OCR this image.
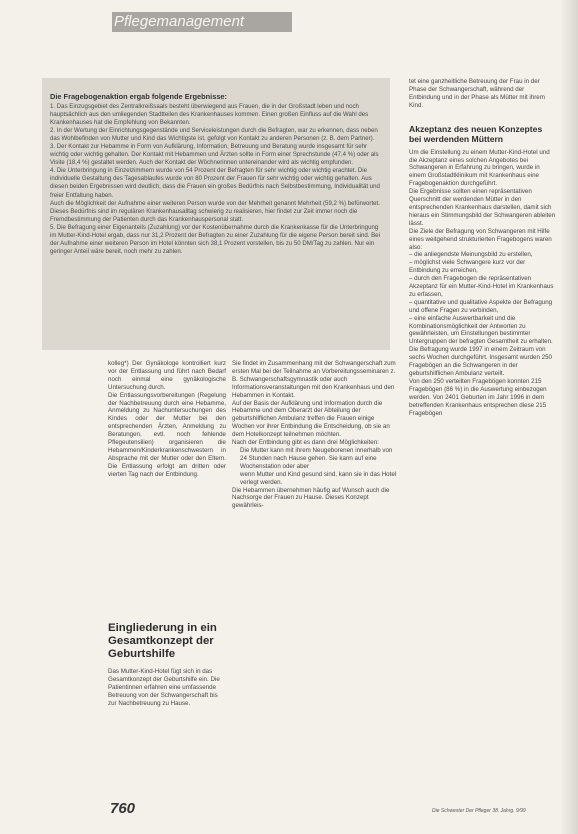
Pflegemanagement
Die Fragebogenaktion ergab folgende Ergebnisse:

1. Das Einzugsgebiet des Zentralkreißsaals besteht überwiegend aus Frauen, die in der Großstadt leben und noch hauptsächlich aus den umliegenden Stadtteilen des Krankenhauses kommen. Einen großen Einfluss auf die Wahl des Krankenhauses hat die Empfehlung von Bekannten.

2. In der Wertung der Einrichtungsgegenstände und Serviceleistungen durch die Befragten, war zu erkennen, dass neben das Wohlbefinden von Mutter und Kind das Wichtigste ist, gefolgt von Kontakt zu anderen Personen (z. B. dem Partner).

3. Der Kontakt zur Hebamme in Form von Aufklärung, Information, Betreuung und Beratung wurde insgesamt für sehr wichtig oder wichtig gehalten. Der Kontakt mit Hebammen und Ärzten sollte in Form einer Sprechstunde (47,4 %) oder als Visite (18,4 %) gestaltet werden. Auch der Kontakt der Wöchnerinnen untereinander wird als wichtig empfunden.

4. Die Unterbringung in Einzelzimmern wurde von 54 Prozent der Befragten für sehr wichtig oder wichtig erachtet. Die individuelle Gestaltung des Tagesablaufes wurde von 80 Prozent der Frauen für sehr wichtig oder wichtig gehalten. Aus diesen beiden Ergebnissen wird deutlich, dass die Frauen ein großes Bedürfnis nach Selbstbestimmung, Individualität und freier Entfaltung haben.

Auch die Möglichkeit der Aufnahme einer weiteren Person wurde von der Mehrheit genannt Mehrheit (59,2 %) befürwortet.

Dieses Bedürfnis sind im regulären Krankenhausalltag schwierig zu realisieren, hier findet zur Zeit immer noch die Fremdbestimmung der Patienten durch das Krankenhauspersonal statt.

5. Die Befragung einer Eigenanteils (Zuzahlung) vor der Kostenübernahme durch die Krankenkasse für die Unterbringung im Mutter-Kind-Hotel ergab, dass nur 31,2 Prozent der Befragten zu einer Zuzahlung für die eigene Person bereit sind. Bei der Aufnahme einer weiteren Person im Hotel könnten sich 38,1 Prozent vorstellen, bis zu 50 DM/Tag zu zahlen. Nur ein geringer Anteil wäre bereit, noch mehr zu zahlen.

kolleg*) Der Gynäkologe kontrolliert kurz vor der Entlassung und führt nach Bedarf noch einmal eine gynäkologische Untersuchung durch.

Die Entlassungsvorbereitungen (Regelung der Nachbetreuung durch eine Hebamme, Anmeldung zu Nachuntersuchungen des Kindes oder der Mutter bei den entsprechenden Ärzten, Anmeldung zu Beratungen, evtl. noch fehlende Pflegeutensilien) organisieren die Hebammen/Kinderkrankenschwestern in Absprache mit der Mutter oder den Eltern. Die Entlassung erfolgt am dritten oder vierten Tag nach der Entbindung.

Eingliederung in ein Gesamtkonzept der Geburtshilfe

Das Mutter-Kind-Hotel fügt sich in das Gesamtkonzept der Geburtshilfe ein. Die Patientinnen erfahren eine umfassende Betreuung von der Schwangerschaft bis zur Nachbetreuung zu Hause.

Sie findet im Zusammenhang mit der Schwangerschaft zum ersten Mal bei der Teilnahme an Vorbereitungsseminaren z. B. Schwangerschaftsgymnastik oder auch Informationsveranstaltungen mit den Krankenhaus und den Hebammen in Kontakt.

Auf der Basis der Aufklärung und Information durch die Hebamme und dem Oberarzt der Abteilung der geburtshilflichen Ambulanz treffen die Frauen einige Wochen vor ihrer Entbindung die Entscheidung, ob sie an dem Hotelkonzept teilnehmen möchten.

Nach der Entbindung gibt es dann drei Möglichkeiten:

Die Mutter kann mit ihrem Neugeborenen innerhalb von 24 Stunden nach Hause gehen. Sie kann auf eine Wochenstation oder aber

wenn Mutter und Kind gesund sind, kann sie in das Hotel verlegt werden.

Die Hebammen übernehmen häufig auf Wunsch auch die Nachsorge der Frauen zu Hause. Dieses Konzept gewährleis-

tet eine ganzheitliche Betreuung der Frau in der Phase der Schwangerschaft, während der Entbindung und in der Phase als Mütter mit ihrem Kind.

Akzeptanz des neuen Konzeptes bei werdenden Müttern

Um die Einstellung zu einem Mutter-Kind-Hotel und die Akzeptanz eines solchen Angebotes bei Schwangeren in Erfahrung zu bringen, wurde in einem Großstadtklinikum mit Krankenhaus eine Fragebogenaktion durchgeführt.

Die Ergebnisse sollten einen repräsentativen Querschnitt der werdenden Mütter in den entsprechenden Krankenhaus darstellen, damit sich hieraus ein Stimmungsbild der Schwangeren ableiten lässt.

Die Ziele der Befragung von Schwangeren mit Hilfe eines weitgehend strukturierten Fragebogens waren also:

– die anliegendste Meinungsbild zu erstellen,

– möglichst viele Schwangere kurz vor der Entbindung zu erreichen,

– durch den Fragebogen die repräsentativen Akzeptanz für ein Mutter-Kind-Hotel im Krankenhaus zu erfassen,

– quantitative und qualitative Aspekte der Befragung und offene Fragen zu verbinden,

– eine einfache Auswertbarkeit und die Kombinationsmöglichkeit der Antworten zu gewährleisten, um Einstellungen bestimmter Untergruppen der befragten Gesamtheit zu erhalten.

Die Befragung wurde 1997 in einem Zeitraum von sechs Wochen durchgeführt. Insgesamt wurden 250 Fragebögen an die Schwangeren in der geburtshilflichen Ambulanz verteilt.

Von den 250 verteilten Fragebögen konnten 215 Fragebögen (86 %) in die Auswertung einbezogen werden. Von 2401 Geburten im Jahr 1996 in dem betreffenden Krankenhaus entsprechen diese 215 Fragebögen

760	Die Schwester Der Pfleger 38. Jahrg. 9/99
